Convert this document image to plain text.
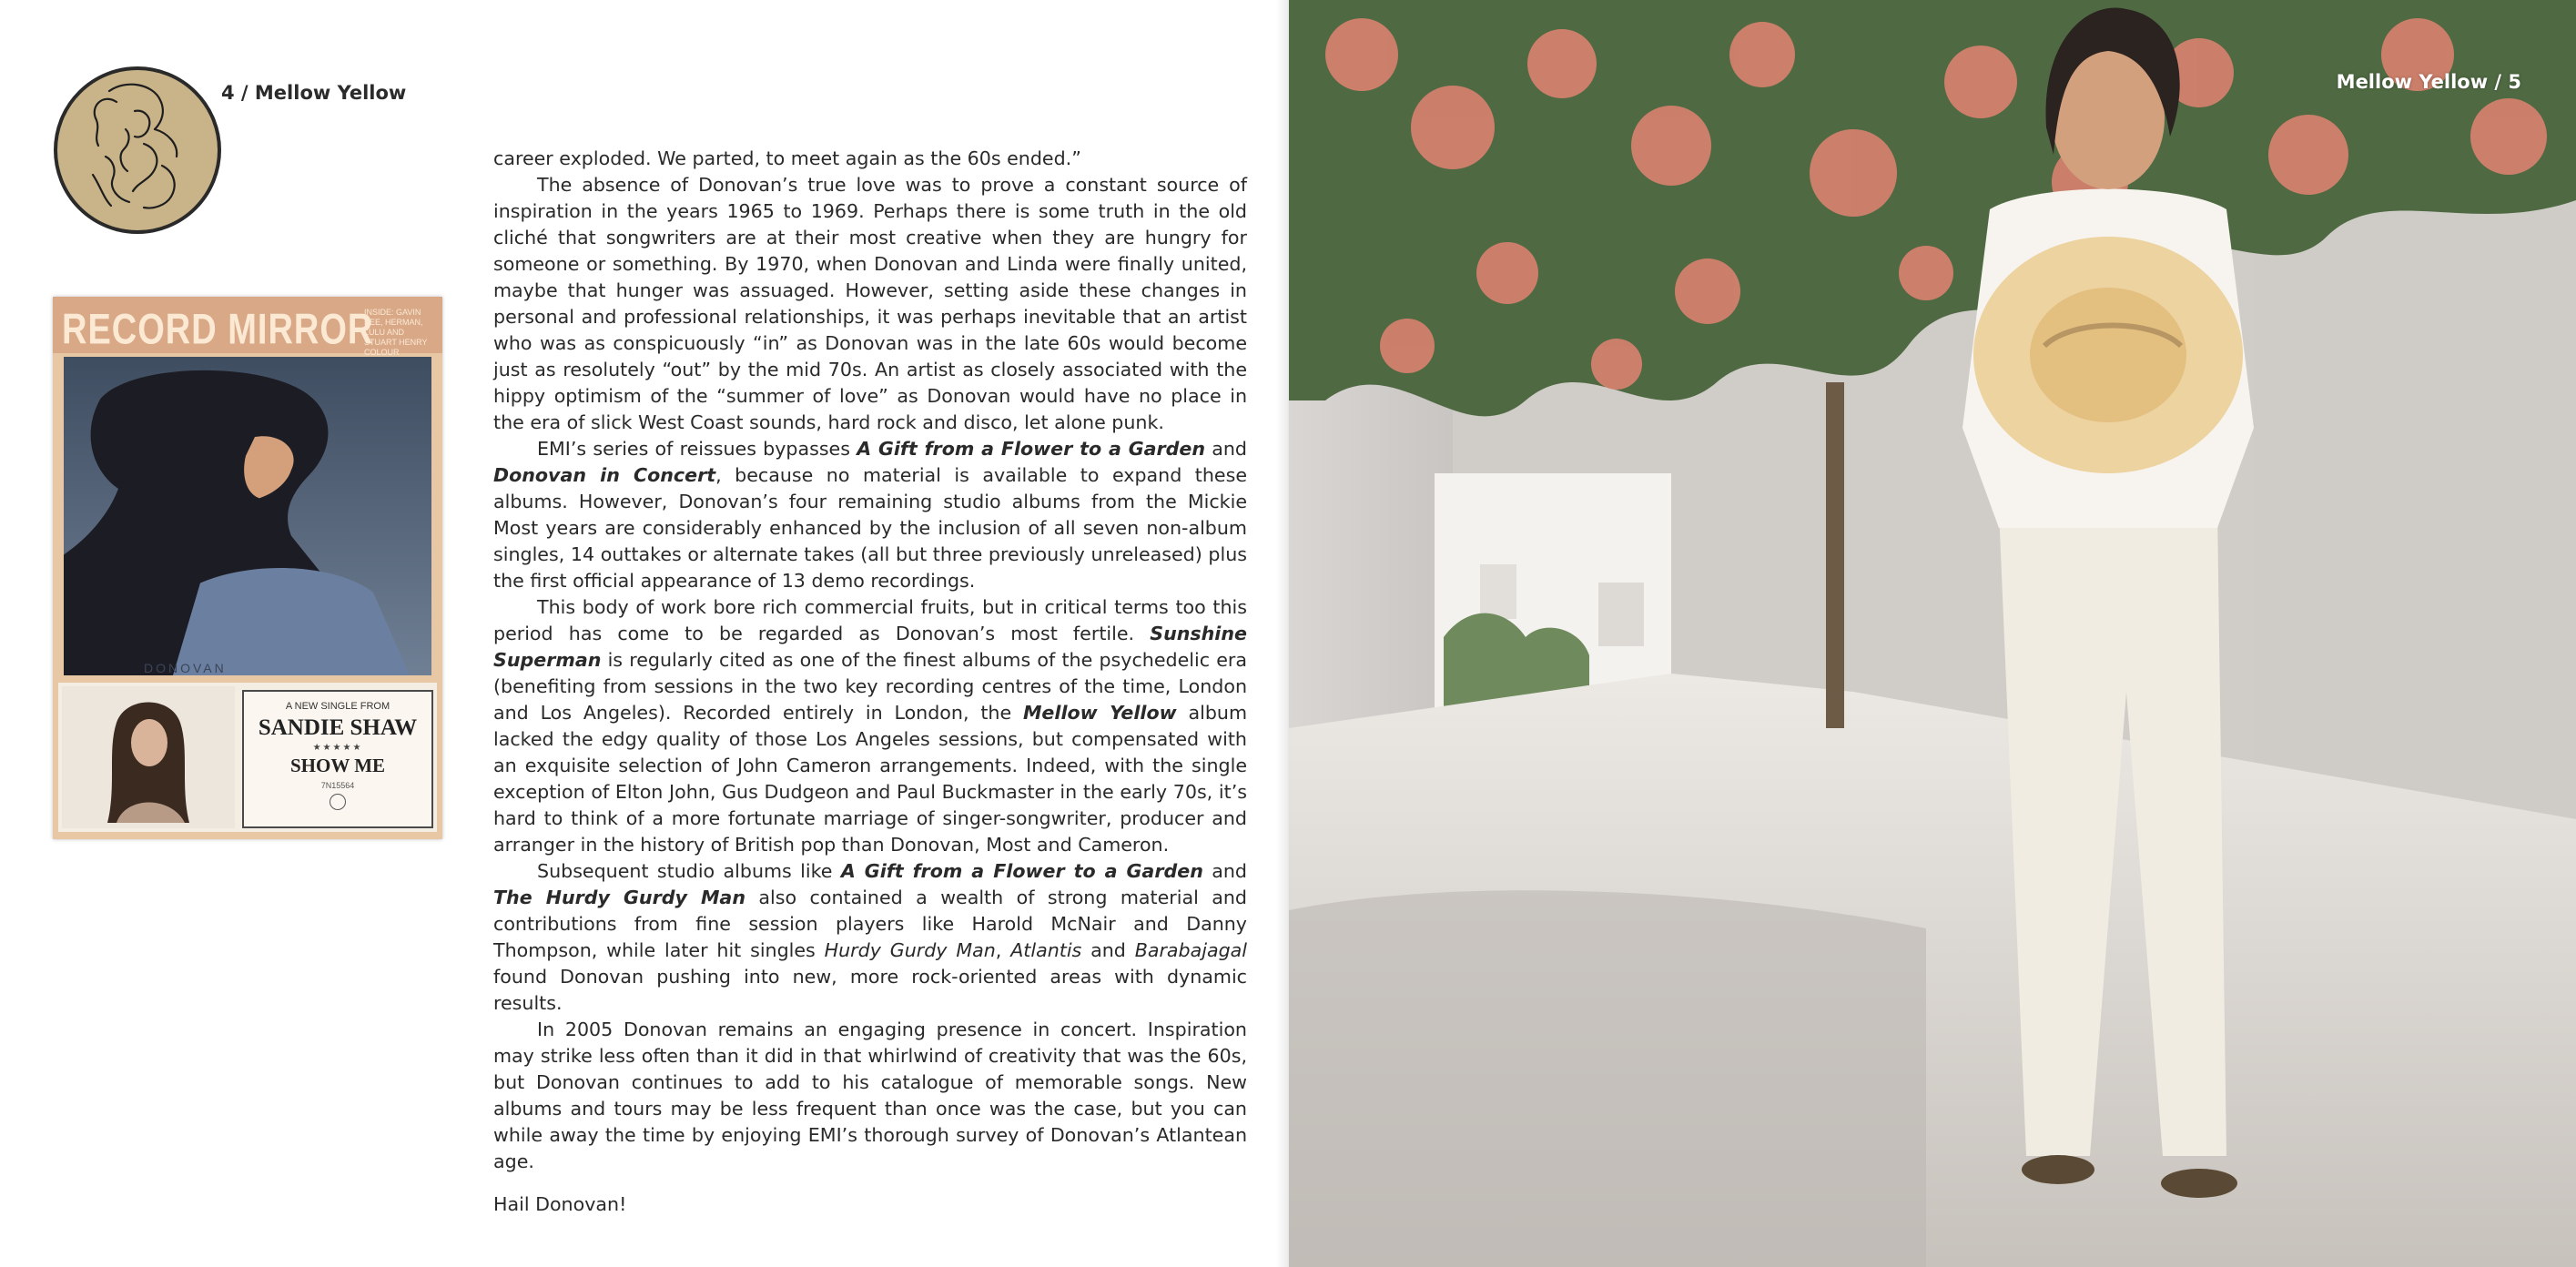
4 / Mellow Yellow
RECORD MIRROR
INSIDE: GAVIN BEE, HERMAN, LULU AND STUART HENRY COLOUR
DONOVAN
A NEW SINGLE FROM
SANDIE SHAW
★★★★★
SHOW ME
7N15564

career exploded. We parted, to meet again as the 60s ended.”

The absence of Donovan’s true love was to prove a constant source of inspiration in the years 1965 to 1969. Perhaps there is some truth in the old cliché that songwriters are at their most creative when they are hungry for someone or something. By 1970, when Donovan and Linda were finally united, maybe that hunger was assuaged. However, setting aside these changes in personal and professional relationships, it was perhaps inevitable that an artist who was as conspicuously “in” as Donovan was in the late 60s would become just as resolutely “out” by the mid 70s. An artist as closely associated with the hippy optimism of the “summer of love” as Donovan would have no place in the era of slick West Coast sounds, hard rock and disco, let alone punk.

EMI’s series of reissues bypasses A Gift from a Flower to a Garden and Donovan in Concert, because no material is available to expand these albums. However, Donovan’s four remaining studio albums from the Mickie Most years are considerably enhanced by the inclusion of all seven non-album singles, 14 outtakes or alternate takes (all but three previously unreleased) plus the first official appearance of 13 demo recordings.

This body of work bore rich commercial fruits, but in critical terms too this period has come to be regarded as Donovan’s most fertile. Sunshine Superman is regularly cited as one of the finest albums of the psychedelic era (benefiting from sessions in the two key recording centres of the time, London and Los Angeles). Recorded entirely in London, the Mellow Yellow album lacked the edgy quality of those Los Angeles sessions, but compensated with an exquisite selection of John Cameron arrangements. Indeed, with the single exception of Elton John, Gus Dudgeon and Paul Buckmaster in the early 70s, it’s hard to think of a more fortunate marriage of singer-songwriter, producer and arranger in the history of British pop than Donovan, Most and Cameron.

Subsequent studio albums like A Gift from a Flower to a Garden and The Hurdy Gurdy Man also contained a wealth of strong material and contributions from fine session players like Harold McNair and Danny Thompson, while later hit singles Hurdy Gurdy Man, Atlantis and Barabajagal found Donovan pushing into new, more rock-oriented areas with dynamic results.

In 2005 Donovan remains an engaging presence in concert. Inspiration may strike less often than it did in that whirlwind of creativity that was the 60s, but Donovan continues to add to his catalogue of memorable songs. New albums and tours may be less frequent than once was the case, but you can while away the time by enjoying EMI’s thorough survey of Donovan’s Atlantean age.

Hail Donovan!

Mellow Yellow / 5
